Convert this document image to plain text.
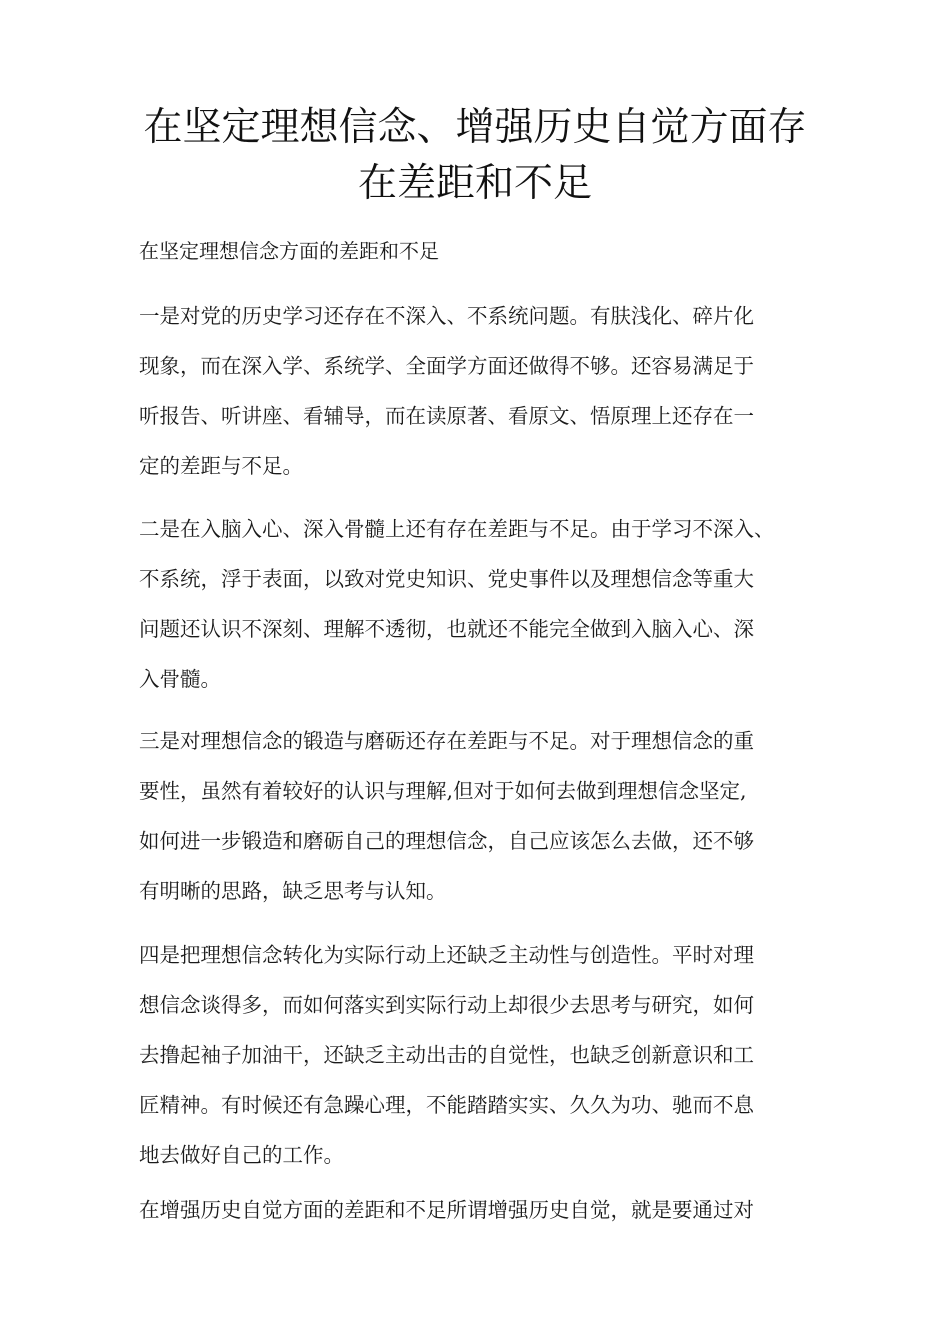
在坚定理想信念、增强历史自觉方面存
在差距和不足

在坚定理想信念方面的差距和不足

一是对党的历史学习还存在不深入、不系统问题。有肤浅化、碎片化
现象，而在深入学、系统学、全面学方面还做得不够。还容易满足于
听报告、听讲座、看辅导，而在读原著、看原文、悟原理上还存在一
定的差距与不足。

二是在入脑入心、深入骨髓上还有存在差距与不足。由于学习不深入、
不系统，浮于表面，以致对党史知识、党史事件以及理想信念等重大
问题还认识不深刻、理解不透彻，也就还不能完全做到入脑入心、深
入骨髓。

三是对理想信念的锻造与磨砺还存在差距与不足。对于理想信念的重
要性，虽然有着较好的认识与理解,但对于如何去做到理想信念坚定,
如何进一步锻造和磨砺自己的理想信念，自己应该怎么去做，还不够
有明晰的思路，缺乏思考与认知。

四是把理想信念转化为实际行动上还缺乏主动性与创造性。平时对理
想信念谈得多，而如何落实到实际行动上却很少去思考与研究，如何
去撸起袖子加油干，还缺乏主动出击的自觉性，也缺乏创新意识和工
匠精神。有时候还有急躁心理，不能踏踏实实、久久为功、驰而不息
地去做好自己的工作。

在增强历史自觉方面的差距和不足所谓增强历史自觉，就是要通过对
